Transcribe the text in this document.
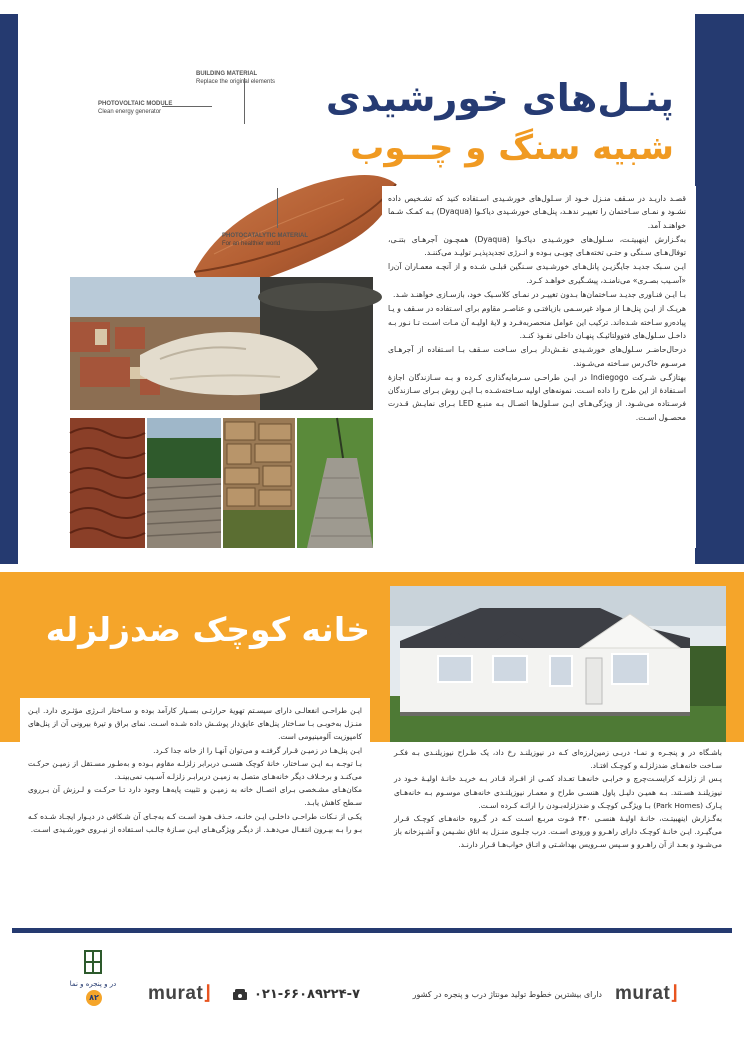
BUILDING MATERIAL
Replace the original elements
PHOTOVOLTAIC MODULE
Clean energy generator
PHOTOCATALYTIC MATERIAL
For an healthier world
پنـل‌های خورشیدی
شبیه سنگ و چــوب

قصـد داریـد در سـقف منـزل خـود از سـلول‌های خورشـیدی اسـتفاده کنید که تشـخیص داده نشـود و نمـای سـاختمان را تغییـر ندهـد، پنل‌هـای خورشـیدی دیاکـوا (Dyaqua) بـه کمـک شـما خواهنـد آمد.

به‌گـزارش اینهبیتـت، سـلول‌های خورشـیدی دیاکـوا (Dyaqua) همچـون آجرهـای بتنـی، توفال‌هـای سـنگی و حتـی تخته‌هـای چوبـی بـوده و انـرژی تجدیدپذیـر تولیـد می‌کننـد.

ایـن سـبک جدیـد جایگزیـن پانل‌هـای خورشـیدی سـنگین قبلـی شـده و از آنچـه معمـاران آن‌را «آسـیب بصـری» می‌نامنـد، پیشـگیری خواهـد کـرد.

بـا ایـن فنـاوری جدیـد سـاختمان‌ها بـدون تغییـر در نمـای کلاسـیک خود، بازسـازی خواهنـد شـد.

هریـک از ایـن پنل‌هـا از مـواد غیرسـمی بازیافتـی و عناصـر مقاوم برای اسـتفاده در سـقف و یـا پیاده‌رو سـاخته شـده‌اند. ترکیب این عوامل منحصربه‌فـرد و لایهٔ اولیـه آن مـات اسـت تـا نـور بـه داخـل سـلول‌های فتوولتائیـک پنهـان داخلی نفـوذ کنـد.

درحال‌حاضـر سـلول‌های خورشـیدی نقـش‌دار بـرای سـاخت سـقف بـا اسـتفاده از آجرهـای مرسـوم خاک‌رس سـاخته می‌شـوند.

بهتازگـی شـرکت Indiegogo در ایـن طراحـی سـرمایه‌گذاری کـرده و بـه سـازندگان اجازهٔ اسـتفادهٔ از این طرح را داده اسـت. نمونه‌های اولیه سـاخته‌شـده بـا ایـن روش بـرای سـازندگان فرسـتاده می‌شـود. از ویژگی‌هـای ایـن سـلول‌ها اتصـال بـه منبـع LED بـرای نمایـش قـدرت محصـول اسـت.

خانه کوچک ضدزلزله

ایـن طراحـی انفعالـی دارای سیسـتم تهویهٔ حرارتـی بسـیار کارآمد بوده و سـاختار انـرژی مؤثـری دارد. ایـن منـزل به‌خوبـی بـا سـاختار پنل‌های عایق‌دار پوشـش داده شـده اسـت. نمای براق و تیرهٔ بیرونی آن از پنل‌های کامپوزیت آلومینیومی است.

ایـن پنل‌هـا در زمیـن قـرار گرفتـه و می‌توان آنهـا را از خانه جدا کـرد.

بـا توجـه بـه ایـن سـاختار، خانهٔ کوچک هنسـی دربرابر زلزلـه مقاوم بـوده و به‌طـور مسـتقل از زمیـن حرکـت می‌کنـد و برخـلاف دیگر خانه‌هـای متصل به زمیـن دربرابـر زلزلـه آسـیب نمی‌بینـد.

مکان‌هـای مشـخصی بـرای اتصـال خانه به زمیـن و تثبیت پایه‌هـا وجود دارد تـا حرکـت و لـرزش آن بـرروی سـطح کاهش یابـد.

یکـی از نـکات طراحـی داخلـی ایـن خانـه، حـذف هـود اسـت کـه به‌جـای آن شـکافی در دیـوار ایجـاد شـده کـه بـو را بـه بیـرون انتقـال می‌دهـد. از دیگـر ویژگی‌هـای ایـن سـازهٔ جالـب اسـتفاده از نیـروی خورشـیدی اسـت.

باشـگاه در و پنجـره و نمـا- دربـی زمین‌لرزه‌ای کـه در نیوزیلنـد رخ داد، یک طـراح نیوزیلنـدی بـه فکـر سـاخت خانه‌هـای ضدزلزلـه و کوچـک افتـاد.

پـس از زلزلـه کرایسـت‌چرچ و خرابـی خانه‌هـا تعـداد کمـی از افـراد قـادر بـه خریـد خانـهٔ اولیـهٔ خـود در نیوزیلنـد هسـتند. بـه همیـن دلیـل پاول هنسـی طراح و معمـار نیوزیلنـدی خانه‌هـای موسـوم بـه خانه‌هـای پـارک (Park Homes) بـا ویژگـی کوچـک و ضدزلزله‌بـودن را ارائـه کـرده اسـت.

به‌گـزارش اینهبیتـت، خانـهٔ اولیـهٔ هنسـی ۴۳۰ فـوت مربـع اسـت کـه در گـروه خانه‌هـای کوچـک قـرار می‌گیـرد. ایـن خانـهٔ کوچـک دارای راهـرو و ورودی اسـت. درب جلـوی منـزل به اتاق نشـیمن و آشـپزخانه باز می‌شـود و بعـد از آن راهـرو و سـپس سـرویس بهداشـتی و اتـاق خواب‌هـا قـرار دارنـد.

در و پنجره و نما
۸۲	murat⌋	۰۲۱-۶۶۰۸۹۲۲۴-۷	دارای بیشترین خطوط تولید مونتاژ درب و پنجره در کشور murat⌋
